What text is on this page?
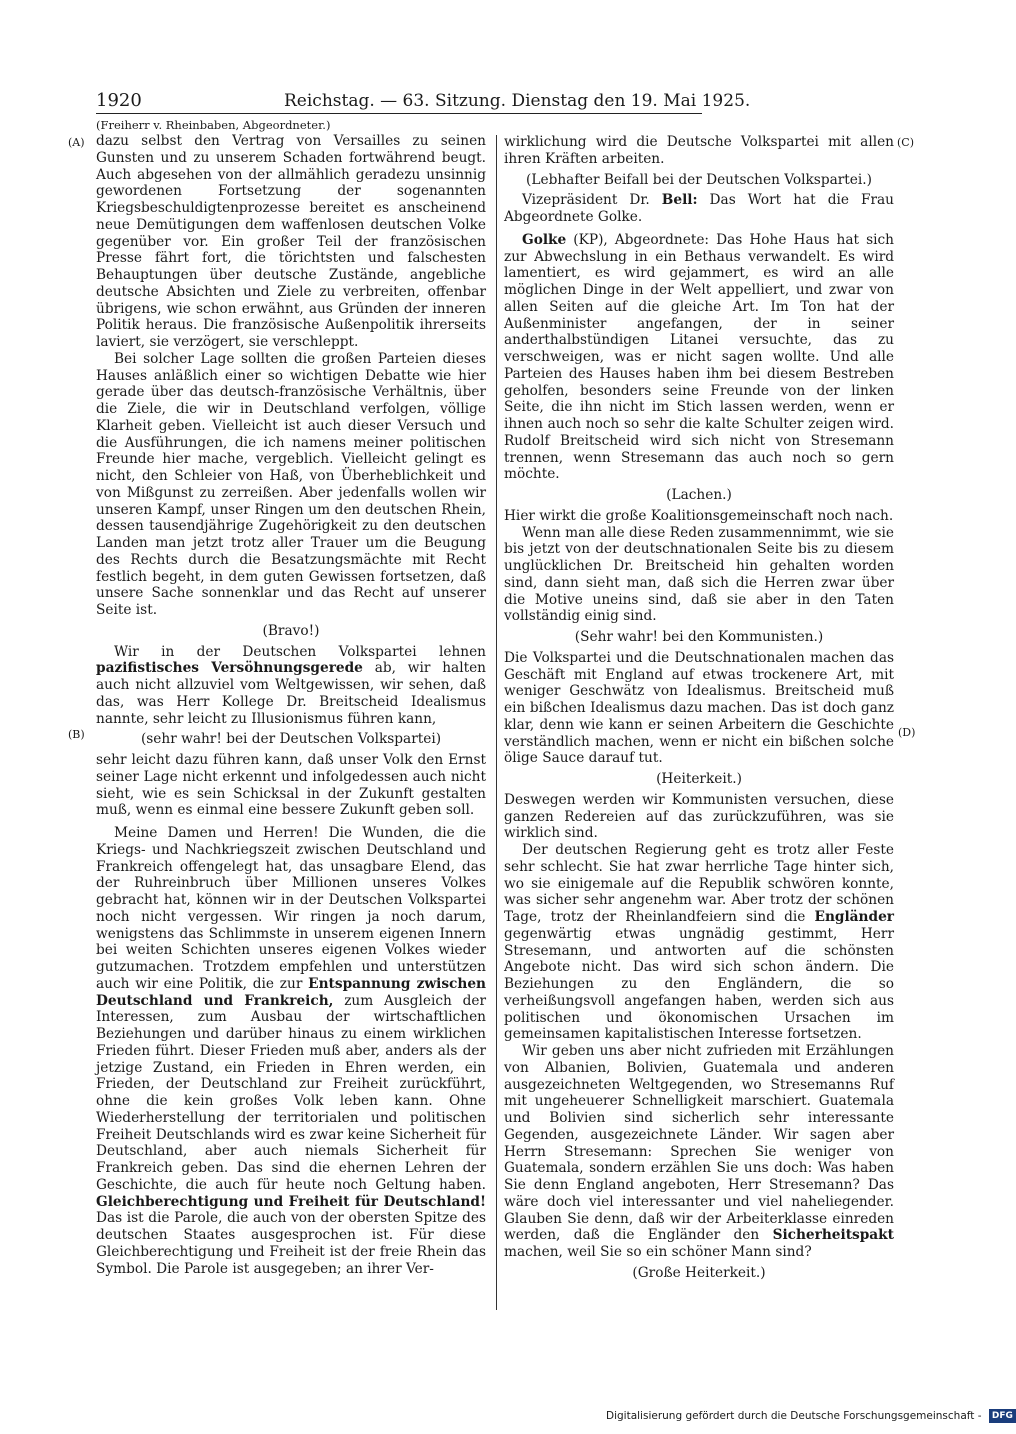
1920	Reichstag. — 63. Sitzung. Dienstag den 19. Mai 1925.
(A)
(B)
(C)
(D)

(Freiherr v. Rheinbaben, Abgeordneter.)

dazu selbst den Vertrag von Versailles zu seinen Gunsten und zu unserem Schaden fortwährend beugt. Auch abgesehen von der allmählich geradezu unsinnig gewordenen Fortsetzung der sogenannten Kriegsbeschuldigtenprozesse bereitet es anscheinend neue Demütigungen dem waffenlosen deutschen Volke gegenüber vor. Ein großer Teil der französischen Presse fährt fort, die törichtsten und falschesten Behauptungen über deutsche Zustände, angebliche deutsche Absichten und Ziele zu verbreiten, offenbar übrigens, wie schon erwähnt, aus Gründen der inneren Politik heraus. Die französische Außenpolitik ihrerseits laviert, sie verzögert, sie verschleppt.

Bei solcher Lage sollten die großen Parteien dieses Hauses anläßlich einer so wichtigen Debatte wie hier gerade über das deutsch-französische Verhältnis, über die Ziele, die wir in Deutschland verfolgen, völlige Klarheit geben. Vielleicht ist auch dieser Versuch und die Ausführungen, die ich namens meiner politischen Freunde hier mache, vergeblich. Vielleicht gelingt es nicht, den Schleier von Haß, von Überheblichkeit und von Mißgunst zu zerreißen. Aber jedenfalls wollen wir unseren Kampf, unser Ringen um den deutschen Rhein, dessen tausendjährige Zugehörigkeit zu den deutschen Landen man jetzt trotz aller Trauer um die Beugung des Rechts durch die Besatzungsmächte mit Recht festlich begeht, in dem guten Gewissen fortsetzen, daß unsere Sache sonnenklar und das Recht auf unserer Seite ist.

(Bravo!)

Wir in der Deutschen Volkspartei lehnen pazifistisches Versöhnungsgerede ab, wir halten auch nicht allzuviel vom Weltgewissen, wir sehen, daß das, was Herr Kollege Dr. Breitscheid Idealismus nannte, sehr leicht zu Illusionismus führen kann,

(sehr wahr! bei der Deutschen Volkspartei)

sehr leicht dazu führen kann, daß unser Volk den Ernst seiner Lage nicht erkennt und infolgedessen auch nicht sieht, wie es sein Schicksal in der Zukunft gestalten muß, wenn es einmal eine bessere Zukunft geben soll.

Meine Damen und Herren! Die Wunden, die die Kriegs- und Nachkriegszeit zwischen Deutschland und Frankreich offengelegt hat, das unsagbare Elend, das der Ruhreinbruch über Millionen unseres Volkes gebracht hat, können wir in der Deutschen Volkspartei noch nicht vergessen. Wir ringen ja noch darum, wenigstens das Schlimmste in unserem eigenen Innern bei weiten Schichten unseres eigenen Volkes wieder gutzumachen. Trotzdem empfehlen und unterstützen auch wir eine Politik, die zur Entspannung zwischen Deutschland und Frankreich, zum Ausgleich der Interessen, zum Ausbau der wirtschaftlichen Beziehungen und darüber hinaus zu einem wirklichen Frieden führt. Dieser Frieden muß aber, anders als der jetzige Zustand, ein Frieden in Ehren werden, ein Frieden, der Deutschland zur Freiheit zurückführt, ohne die kein großes Volk leben kann. Ohne Wiederherstellung der territorialen und politischen Freiheit Deutschlands wird es zwar keine Sicherheit für Deutschland, aber auch niemals Sicherheit für Frankreich geben. Das sind die ehernen Lehren der Geschichte, die auch für heute noch Geltung haben. Gleichberechtigung und Freiheit für Deutschland! Das ist die Parole, die auch von der obersten Spitze des deutschen Staates ausgesprochen ist. Für diese Gleichberechtigung und Freiheit ist der freie Rhein das Symbol. Die Parole ist ausgegeben; an ihrer Ver-

wirklichung wird die Deutsche Volkspartei mit allen ihren Kräften arbeiten.

(Lebhafter Beifall bei der Deutschen Volkspartei.)

Vizepräsident Dr. Bell: Das Wort hat die Frau Abgeordnete Golke.

Golke (KP), Abgeordnete: Das Hohe Haus hat sich zur Abwechslung in ein Bethaus verwandelt. Es wird lamentiert, es wird gejammert, es wird an alle möglichen Dinge in der Welt appelliert, und zwar von allen Seiten auf die gleiche Art. Im Ton hat der Außenminister angefangen, der in seiner anderthalbstündigen Litanei versuchte, das zu verschweigen, was er nicht sagen wollte. Und alle Parteien des Hauses haben ihm bei diesem Bestreben geholfen, besonders seine Freunde von der linken Seite, die ihn nicht im Stich lassen werden, wenn er ihnen auch noch so sehr die kalte Schulter zeigen wird. Rudolf Breitscheid wird sich nicht von Stresemann trennen, wenn Stresemann das auch noch so gern möchte.

(Lachen.)

Hier wirkt die große Koalitionsgemeinschaft noch nach.

Wenn man alle diese Reden zusammennimmt, wie sie bis jetzt von der deutschnationalen Seite bis zu diesem unglücklichen Dr. Breitscheid hin gehalten worden sind, dann sieht man, daß sich die Herren zwar über die Motive uneins sind, daß sie aber in den Taten vollständig einig sind.

(Sehr wahr! bei den Kommunisten.)

Die Volkspartei und die Deutschnationalen machen das Geschäft mit England auf etwas trockenere Art, mit weniger Geschwätz von Idealismus. Breitscheid muß ein bißchen Idealismus dazu machen. Das ist doch ganz klar, denn wie kann er seinen Arbeitern die Geschichte verständlich machen, wenn er nicht ein bißchen solche ölige Sauce darauf tut.

(Heiterkeit.)

Deswegen werden wir Kommunisten versuchen, diese ganzen Redereien auf das zurückzuführen, was sie wirklich sind.

Der deutschen Regierung geht es trotz aller Feste sehr schlecht. Sie hat zwar herrliche Tage hinter sich, wo sie einigemale auf die Republik schwören konnte, was sicher sehr angenehm war. Aber trotz der schönen Tage, trotz der Rheinlandfeiern sind die Engländer gegenwärtig etwas ungnädig gestimmt, Herr Stresemann, und antworten auf die schönsten Angebote nicht. Das wird sich schon ändern. Die Beziehungen zu den Engländern, die so verheißungsvoll angefangen haben, werden sich aus politischen und ökonomischen Ursachen im gemeinsamen kapitalistischen Interesse fortsetzen.

Wir geben uns aber nicht zufrieden mit Erzählungen von Albanien, Bolivien, Guatemala und anderen ausgezeichneten Weltgegenden, wo Stresemanns Ruf mit ungeheuerer Schnelligkeit marschiert. Guatemala und Bolivien sind sicherlich sehr interessante Gegenden, ausgezeichnete Länder. Wir sagen aber Herrn Stresemann: Sprechen Sie weniger von Guatemala, sondern erzählen Sie uns doch: Was haben Sie denn England angeboten, Herr Stresemann? Das wäre doch viel interessanter und viel naheliegender. Glauben Sie denn, daß wir der Arbeiterklasse einreden werden, daß die Engländer den Sicherheitspakt machen, weil Sie so ein schöner Mann sind?

(Große Heiterkeit.)

Digitalisierung gefördert durch die Deutsche Forschungsgemeinschaft - DFG
